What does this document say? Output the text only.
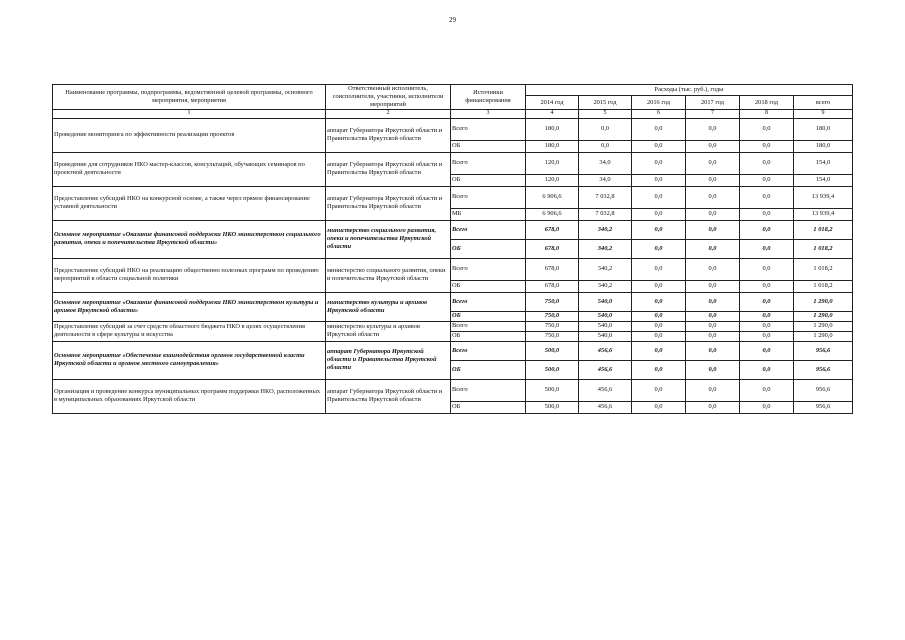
29
Наименование программы, подпрограммы, ведомственной целевой программы, основного мероприятия, мероприятия	Ответственный исполнитель, соисполнители, участники, исполнители мероприятий	Источники финансирования	Расходы (тыс. руб.), годы					
			2014 год	2015 год	2016 год	2017 год	2018 год	всего
1	2	3	4	5	6	7	8	9
Проведение мониторинга по эффективности реализации проектов	аппарат Губернатора Иркутской области и Правительства Иркутской области	Всего	180,0	0,0	0,0	0,0	0,0	180,0
		ОБ	180,0	0,0	0,0	0,0	0,0	180,0
Проведение для сотрудников НКО мастер-классов, консультаций, обучающих семинаров по проектной деятельности	аппарат Губернатора Иркутской области и Правительства Иркутской области	Всего	120,0	34,0	0,0	0,0	0,0	154,0
		ОБ	120,0	34,0	0,0	0,0	0,0	154,0
Предоставление субсидий НКО на конкурсной основе, а также через прямое финансирование уставной деятельности	аппарат Губернатора Иркутской области и Правительства Иркутской области	Всего	6 906,6	7 032,8	0,0	0,0	0,0	13 939,4
		МБ	6 906,6	7 032,8	0,0	0,0	0,0	13 939,4
Основное мероприятие «Оказание финансовой поддержки НКО министерством социального развития, опеки и попечительства Иркутской области»	министерство социального развития, опеки и попечительства Иркутской области	Всего	678,0	340,2	0,0	0,0	0,0	1 018,2
		ОБ	678,0	340,2	0,0	0,0	0,0	1 018,2
Предоставление субсидий НКО на реализацию общественно полезных программ по проведению мероприятий в области социальной политики	министерство социального развития, опеки и попечительства Иркутской области	Всего	678,0	340,2	0,0	0,0	0,0	1 018,2
		ОБ	678,0	340,2	0,0	0,0	0,0	1 018,2
Основное мероприятие «Оказание финансовой поддержки НКО министерством культуры и архивов Иркутской области»	министерство культуры и архивов Иркутской области	Всего	750,0	540,0	0,0	0,0	0,0	1 290,0
		ОБ	750,0	540,0	0,0	0,0	0,0	1 290,0
Предоставление субсидий за счет средств областного бюджета НКО в целях осуществления деятельности в сфере культуры и искусства	министерство культуры и архивов Иркутской области	Всего	750,0	540,0	0,0	0,0	0,0	1 290,0
		ОБ	750,0	540,0	0,0	0,0	0,0	1 290,0
Основное мероприятие «Обеспечение взаимодействия органов государственной власти Иркутской области и органов местного самоуправления»	аппарат Губернатора Иркутской области и Правительства Иркутской области	Всего	500,0	456,6	0,0	0,0	0,0	956,6
		ОБ	500,0	456,6	0,0	0,0	0,0	956,6
Организация и проведение конкурса муниципальных программ поддержки НКО, расположенных в муниципальных образованиях Иркутской области	аппарат Губернатора Иркутской области и Правительства Иркутской области	Всего	500,0	456,6	0,0	0,0	0,0	956,6
		ОБ	500,0	456,6	0,0	0,0	0,0	956,6
